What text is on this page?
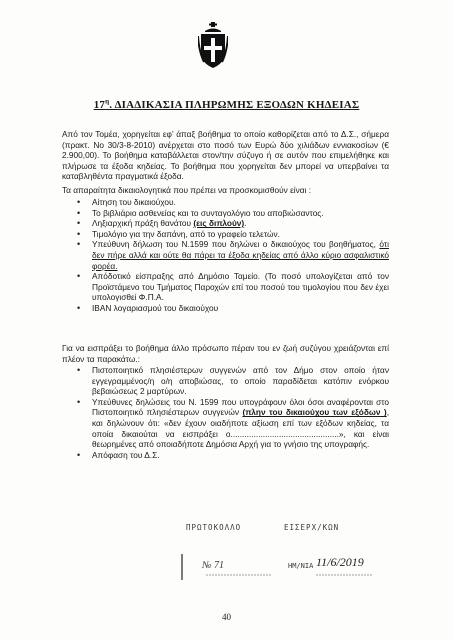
$17^\eta$. ΔΙΑΔΙΚΑΣΙΑ ΠΛΗΡΩΜΗΣ ΕΞΟΔΩΝ ΚΗΔΕΙΑΣ
Από τον Τομέα, χορηγείται εφ’ άπαξ βοήθημα το οποίο καθορίζεται από το Δ.Σ., σήμερα (πρακτ. Νο 30/3-8-2010) ανέρχεται στο ποσό των Ευρώ δύο χιλιάδων εννιακοσίων (€ 2.900,00). Το βοήθημα καταβάλλεται στον/την σύζυγο ή σε αυτόν που επιμελήθηκε και πλήρωσε τα έξοδα κηδείας. Το βοήθημα που χορηγείται δεν μπορεί να υπερβαίνει τα καταβληθέντα πραγματικά έξοδα.
Τα απαραίτητα δικαιολογητικά που πρέπει να προσκομισθούν είναι :
• Αίτηση του δικαιούχου.
• Το βιβλιάριο ασθενείας και το συνταγολόγιο του αποβιώσαντος.
• Ληξιαρχική πράξη θανάτου (εις διπλούν).
• Τιμολόγιο για την δαπάνη, από το γραφείο τελετών.
• Υπεύθυνη δήλωση του Ν.1599 που δηλώνει ο δικαιούχος του βοηθήματος, ότι δεν πήρε αλλά και ούτε θα πάρει τα έξοδα κηδείας από άλλο κύριο ασφαλιστικό φορέα.
• Απόδοτικό είσπραξης από Δημόσιο Ταμείο. (Το ποσό υπολογίζεται από τον Προϊστάμενο του Τμήματος Παροχών επί του ποσού του τιμολογίου που δεν έχει υπολογισθεί Φ.Π.Α.
• IBAN λογαριασμού του δικαιούχου
Για να εισπράξει το βοήθημα άλλο πρόσωπο πέραν του εν ζωή συζύγου χρειάζονται επί πλέον τα παρακάτω.:
• Πιστοποιητικό πλησιέστερων συγγενών από τον Δήμο στον οποίο ήταν εγγεγραμμένος/η ο/η αποβιώσας, το οποίο παραδίδεται κατόπιν ενόρκου βεβαιώσεως 2 μαρτύρων.
• Υπεύθυνες δηλώσεις του Ν. 1599 που υπογράφουν όλοι όσοι αναφέρονται στο Πιστοποιητικό πλησιέστερων συγγενών (πλην του δικαιούχου των εξόδων ), και δηλώνουν ότι: «δεν έχουν οιαδήποτε αξίωση επί των εξόδων κηδείας, τα οποία δικαιούται να εισπράξει ο...............................................», και είναι θεωρημένες από οποιαδήποτε Δημόσια Αρχή για το γνήσιο της υπογραφής.
• Απόφαση του Δ.Σ.
ΠΡΩΤΟΚΟΛΛΟ	ΕΙΣΕΡΧ/ΚΩΝ
№ 71	ΗΜ/ΝΙΑ 11/6/2019
40
